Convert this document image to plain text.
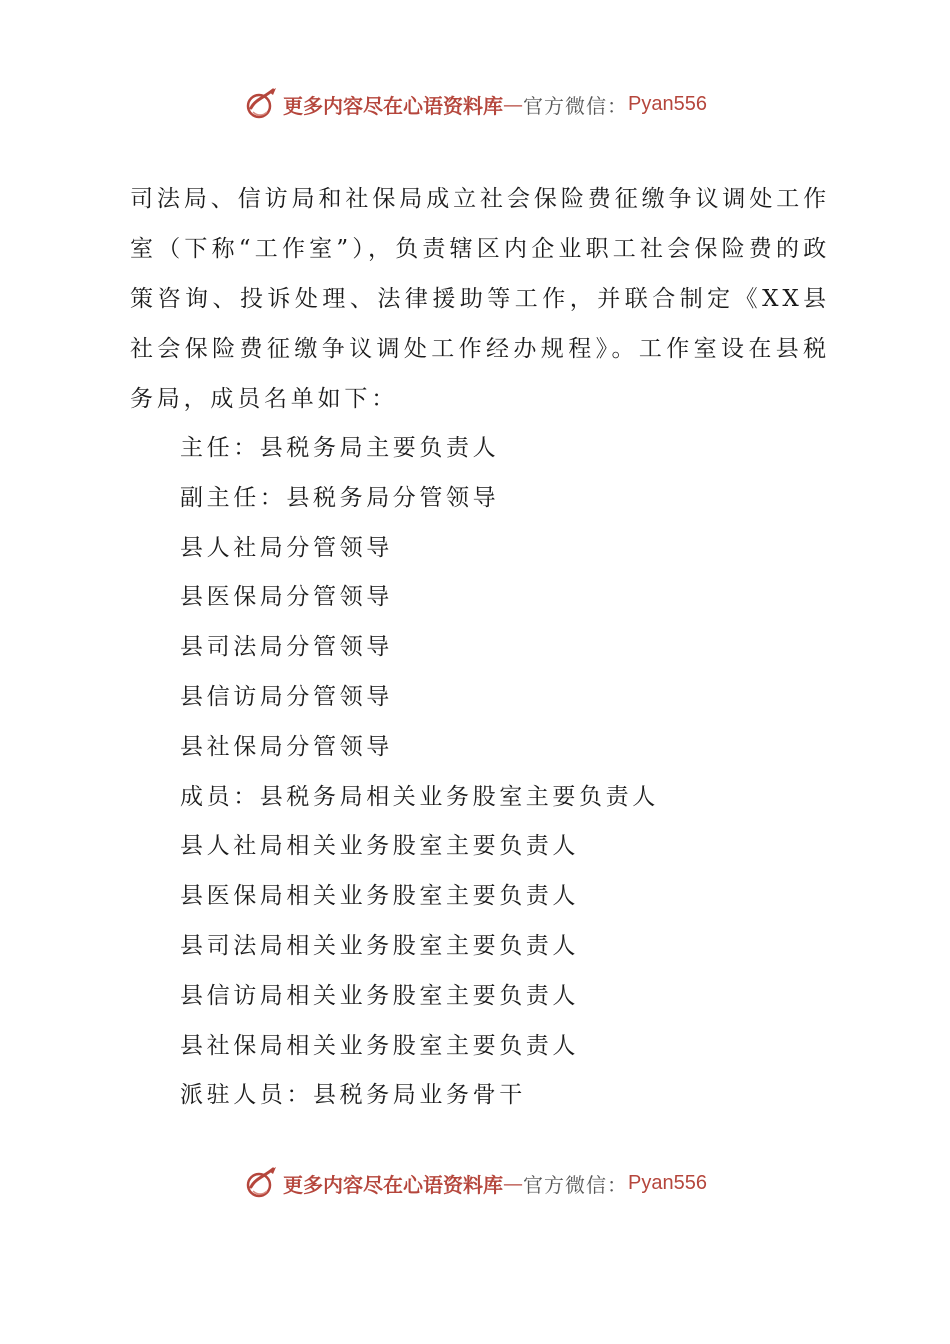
更多内容尽在心语资料库 — 官方微信： Pyan556

司法局、信访局和社保局成立社会保险费征缴争议调处工作室（下称“工作室”），负责辖区内企业职工社会保险费的政策咨询、投诉处理、法律援助等工作，并联合制定《XX县社会保险费征缴争议调处工作经办规程》。工作室设在县税务局，成员名单如下：

主任：县税务局主要负责人
副主任：县税务局分管领导
县人社局分管领导
县医保局分管领导
县司法局分管领导
县信访局分管领导
县社保局分管领导
成员：县税务局相关业务股室主要负责人
县人社局相关业务股室主要负责人
县医保局相关业务股室主要负责人
县司法局相关业务股室主要负责人
县信访局相关业务股室主要负责人
县社保局相关业务股室主要负责人
派驻人员：县税务局业务骨干
更多内容尽在心语资料库 — 官方微信： Pyan556
